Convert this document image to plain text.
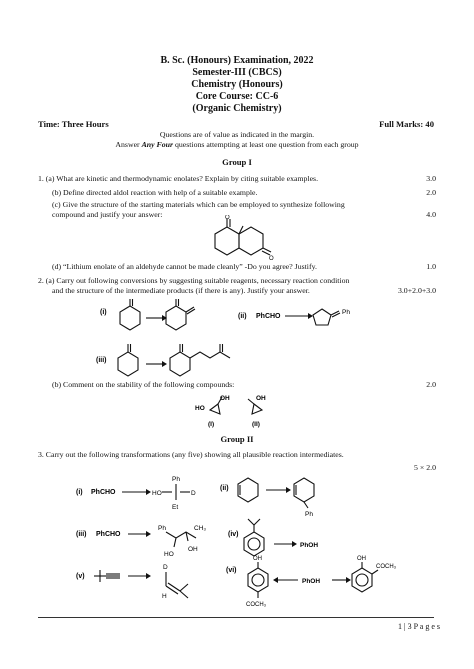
B. Sc. (Honours) Examination, 2022
Semester-III (CBCS)
Chemistry (Honours)
Core Course: CC-6
(Organic Chemistry)
Time: Three Hours	Full Marks: 40
Questions are of value as indicated in the margin.
Answer Any Four questions attempting at least one question from each group
Group I
1. (a) What are kinetic and thermodynamic enolates? Explain by citing suitable examples.	3.0
(b) Define directed aldol reaction with help of a suitable example.	2.0
(c) Give the structure of the starting materials which can be employed to synthesize following
compound and justify your answer:	4.0
O
O
(d) “Lithium enolate of an aldehyde cannot be made cleanly” -Do you agree? Justify.	1.0
2. (a) Carry out following conversions by suggesting suitable reagents, necessary reaction condition
and the structure of the intermediate products (if there is any). Justify your answer.	3.0+2.0+3.0
(i)
(ii) PhCHO
Ph
(iii)
(b) Comment on the stability of the following compounds:	2.0
HO
OH	OH
(I)	(II)
Group II
3. Carry out the following transformations (any five) showing all plausible reaction intermediates.
5 × 2.0
(i) PhCHO	HO
Ph
D
Et
(ii)
Ph
(iii) PhCHO
Ph	CH₃
HO
OH
(iv)
PhOH
(v)
D
H
(vi)
OH
COCH₃
PhOH
OH
COCH₃
1 | 3 P a g e s
